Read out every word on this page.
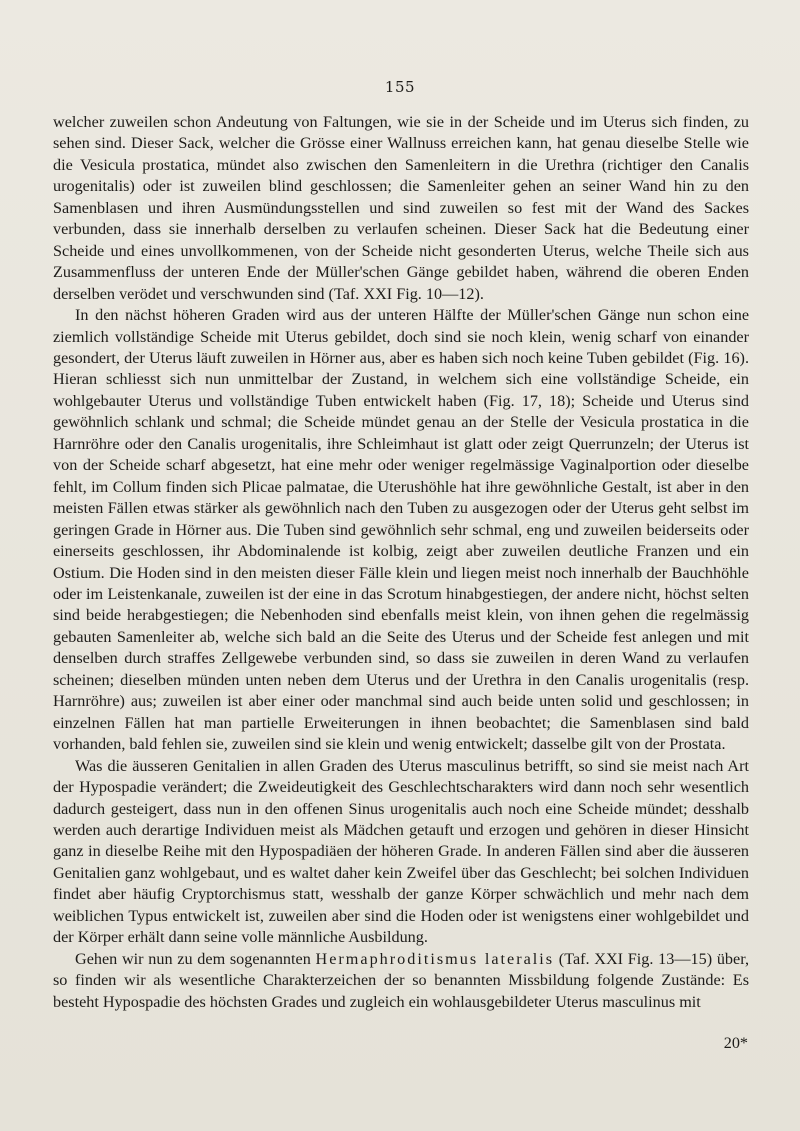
155

welcher zuweilen schon Andeutung von Faltungen, wie sie in der Scheide und im Uterus sich finden, zu sehen sind. Dieser Sack, welcher die Grösse einer Wallnuss erreichen kann, hat genau dieselbe Stelle wie die Vesicula prostatica, mündet also zwischen den Samenleitern in die Urethra (richtiger den Canalis urogenitalis) oder ist zuweilen blind geschlossen; die Samenleiter gehen an seiner Wand hin zu den Samenblasen und ihren Ausmündungsstellen und sind zuweilen so fest mit der Wand des Sackes verbunden, dass sie innerhalb derselben zu verlaufen scheinen. Dieser Sack hat die Bedeutung einer Scheide und eines unvollkommenen, von der Scheide nicht gesonderten Uterus, welche Theile sich aus Zusammenfluss der unteren Ende der Müller'schen Gänge gebildet haben, während die oberen Enden derselben verödet und verschwunden sind (Taf. XXI Fig. 10—12).

In den nächst höheren Graden wird aus der unteren Hälfte der Müller'schen Gänge nun schon eine ziemlich vollständige Scheide mit Uterus gebildet, doch sind sie noch klein, wenig scharf von einander gesondert, der Uterus läuft zuweilen in Hörner aus, aber es haben sich noch keine Tuben gebildet (Fig. 16). Hieran schliesst sich nun unmittelbar der Zustand, in welchem sich eine vollständige Scheide, ein wohlgebauter Uterus und vollständige Tuben entwickelt haben (Fig. 17, 18); Scheide und Uterus sind gewöhnlich schlank und schmal; die Scheide mündet genau an der Stelle der Vesicula prostatica in die Harnröhre oder den Canalis urogenitalis, ihre Schleimhaut ist glatt oder zeigt Querrunzeln; der Uterus ist von der Scheide scharf abgesetzt, hat eine mehr oder weniger regelmässige Vaginalportion oder dieselbe fehlt, im Collum finden sich Plicae palmatae, die Uterushöhle hat ihre gewöhnliche Gestalt, ist aber in den meisten Fällen etwas stärker als gewöhnlich nach den Tuben zu ausgezogen oder der Uterus geht selbst im geringen Grade in Hörner aus. Die Tuben sind gewöhnlich sehr schmal, eng und zuweilen beiderseits oder einerseits geschlossen, ihr Abdominalende ist kolbig, zeigt aber zuweilen deutliche Franzen und ein Ostium. Die Hoden sind in den meisten dieser Fälle klein und liegen meist noch innerhalb der Bauchhöhle oder im Leistenkanale, zuweilen ist der eine in das Scrotum hinabgestiegen, der andere nicht, höchst selten sind beide herabgestiegen; die Nebenhoden sind ebenfalls meist klein, von ihnen gehen die regelmässig gebauten Samenleiter ab, welche sich bald an die Seite des Uterus und der Scheide fest anlegen und mit denselben durch straffes Zellgewebe verbunden sind, so dass sie zuweilen in deren Wand zu verlaufen scheinen; dieselben münden unten neben dem Uterus und der Urethra in den Canalis urogenitalis (resp. Harnröhre) aus; zuweilen ist aber einer oder manchmal sind auch beide unten solid und geschlossen; in einzelnen Fällen hat man partielle Erweiterungen in ihnen beobachtet; die Samenblasen sind bald vorhanden, bald fehlen sie, zuweilen sind sie klein und wenig entwickelt; dasselbe gilt von der Prostata.

Was die äusseren Genitalien in allen Graden des Uterus masculinus betrifft, so sind sie meist nach Art der Hypospadie verändert; die Zweideutigkeit des Geschlechtscharakters wird dann noch sehr wesentlich dadurch gesteigert, dass nun in den offenen Sinus urogenitalis auch noch eine Scheide mündet; desshalb werden auch derartige Individuen meist als Mädchen getauft und erzogen und gehören in dieser Hinsicht ganz in dieselbe Reihe mit den Hypospadiäen der höheren Grade. In anderen Fällen sind aber die äusseren Genitalien ganz wohlgebaut, und es waltet daher kein Zweifel über das Geschlecht; bei solchen Individuen findet aber häufig Cryptorchismus statt, wesshalb der ganze Körper schwächlich und mehr nach dem weiblichen Typus entwickelt ist, zuweilen aber sind die Hoden oder ist wenigstens einer wohlgebildet und der Körper erhält dann seine volle männliche Ausbildung.

Gehen wir nun zu dem sogenannten Hermaphroditismus lateralis (Taf. XXI Fig. 13—15) über, so finden wir als wesentliche Charakterzeichen der so benannten Missbildung folgende Zustände: Es besteht Hypospadie des höchsten Grades und zugleich ein wohlausgebildeter Uterus masculinus mit

20*
